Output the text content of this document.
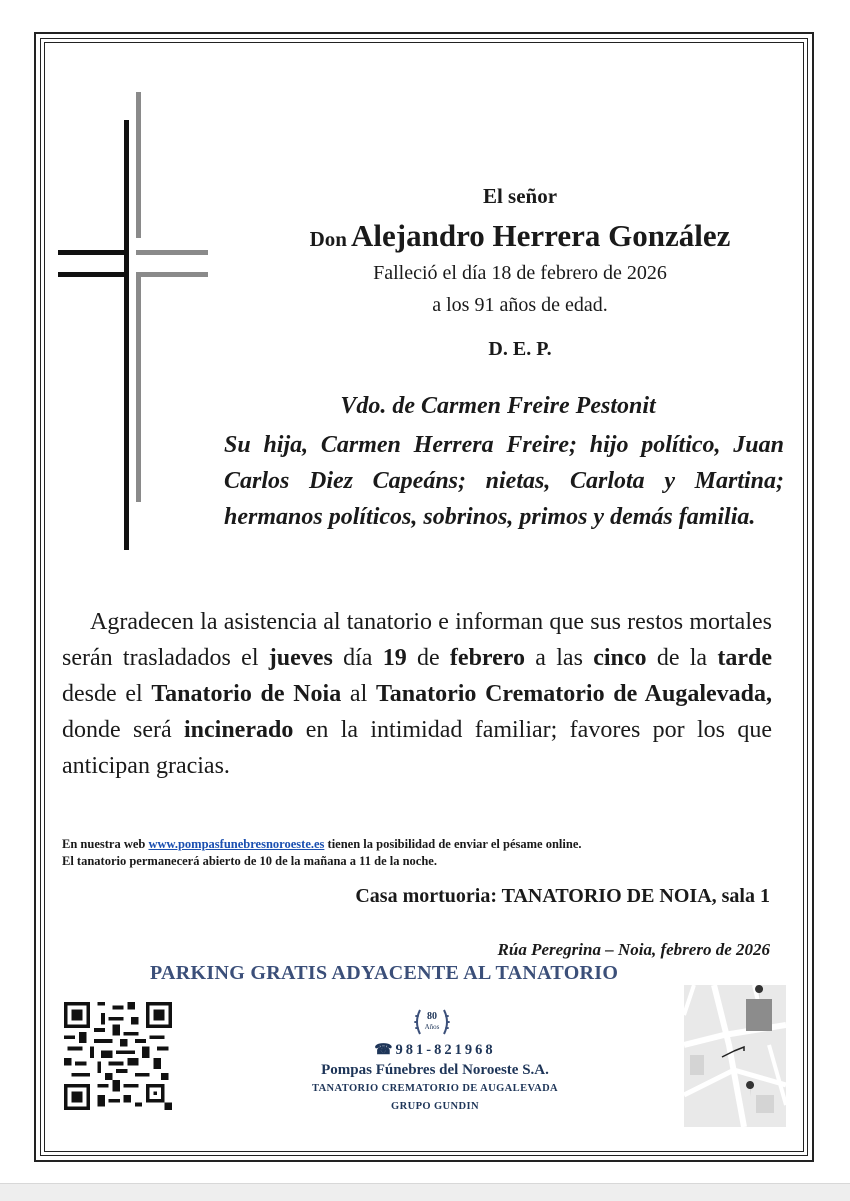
El señor

Don Alejandro Herrera González

Falleció el día 18 de febrero de 2026

a los 91 años de edad.

D. E. P.

Vdo. de Carmen Freire Pestonit

Su hija, Carmen Herrera Freire; hijo político, Juan Carlos Diez Capeáns; nietas, Carlota y Martina; hermanos políticos, sobrinos, primos y demás familia.

Agradecen la asistencia al tanatorio e informan que sus restos mortales serán trasladados el jueves día 19 de febrero a las cinco de la tarde desde el Tanatorio de Noia al Tanatorio Crematorio de Augalevada, donde será incinerado en la intimidad familiar; favores por los que anticipan gracias.

En nuestra web www.pompasfunebresnoroeste.es tienen la posibilidad de enviar el pésame online.
El tanatorio permanecerá abierto de 10 de la mañana a 11 de la noche.

Casa mortuoria: TANATORIO DE NOIA, sala 1

Rúa Peregrina – Noia, febrero de 2026

PARKING GRATIS ADYACENTE AL TANATORIO

80
Años

☎981-821968

Pompas Fúnebres del Noroeste S.A.

TANATORIO CREMATORIO DE AUGALEVADA

GRUPO GUNDIN
